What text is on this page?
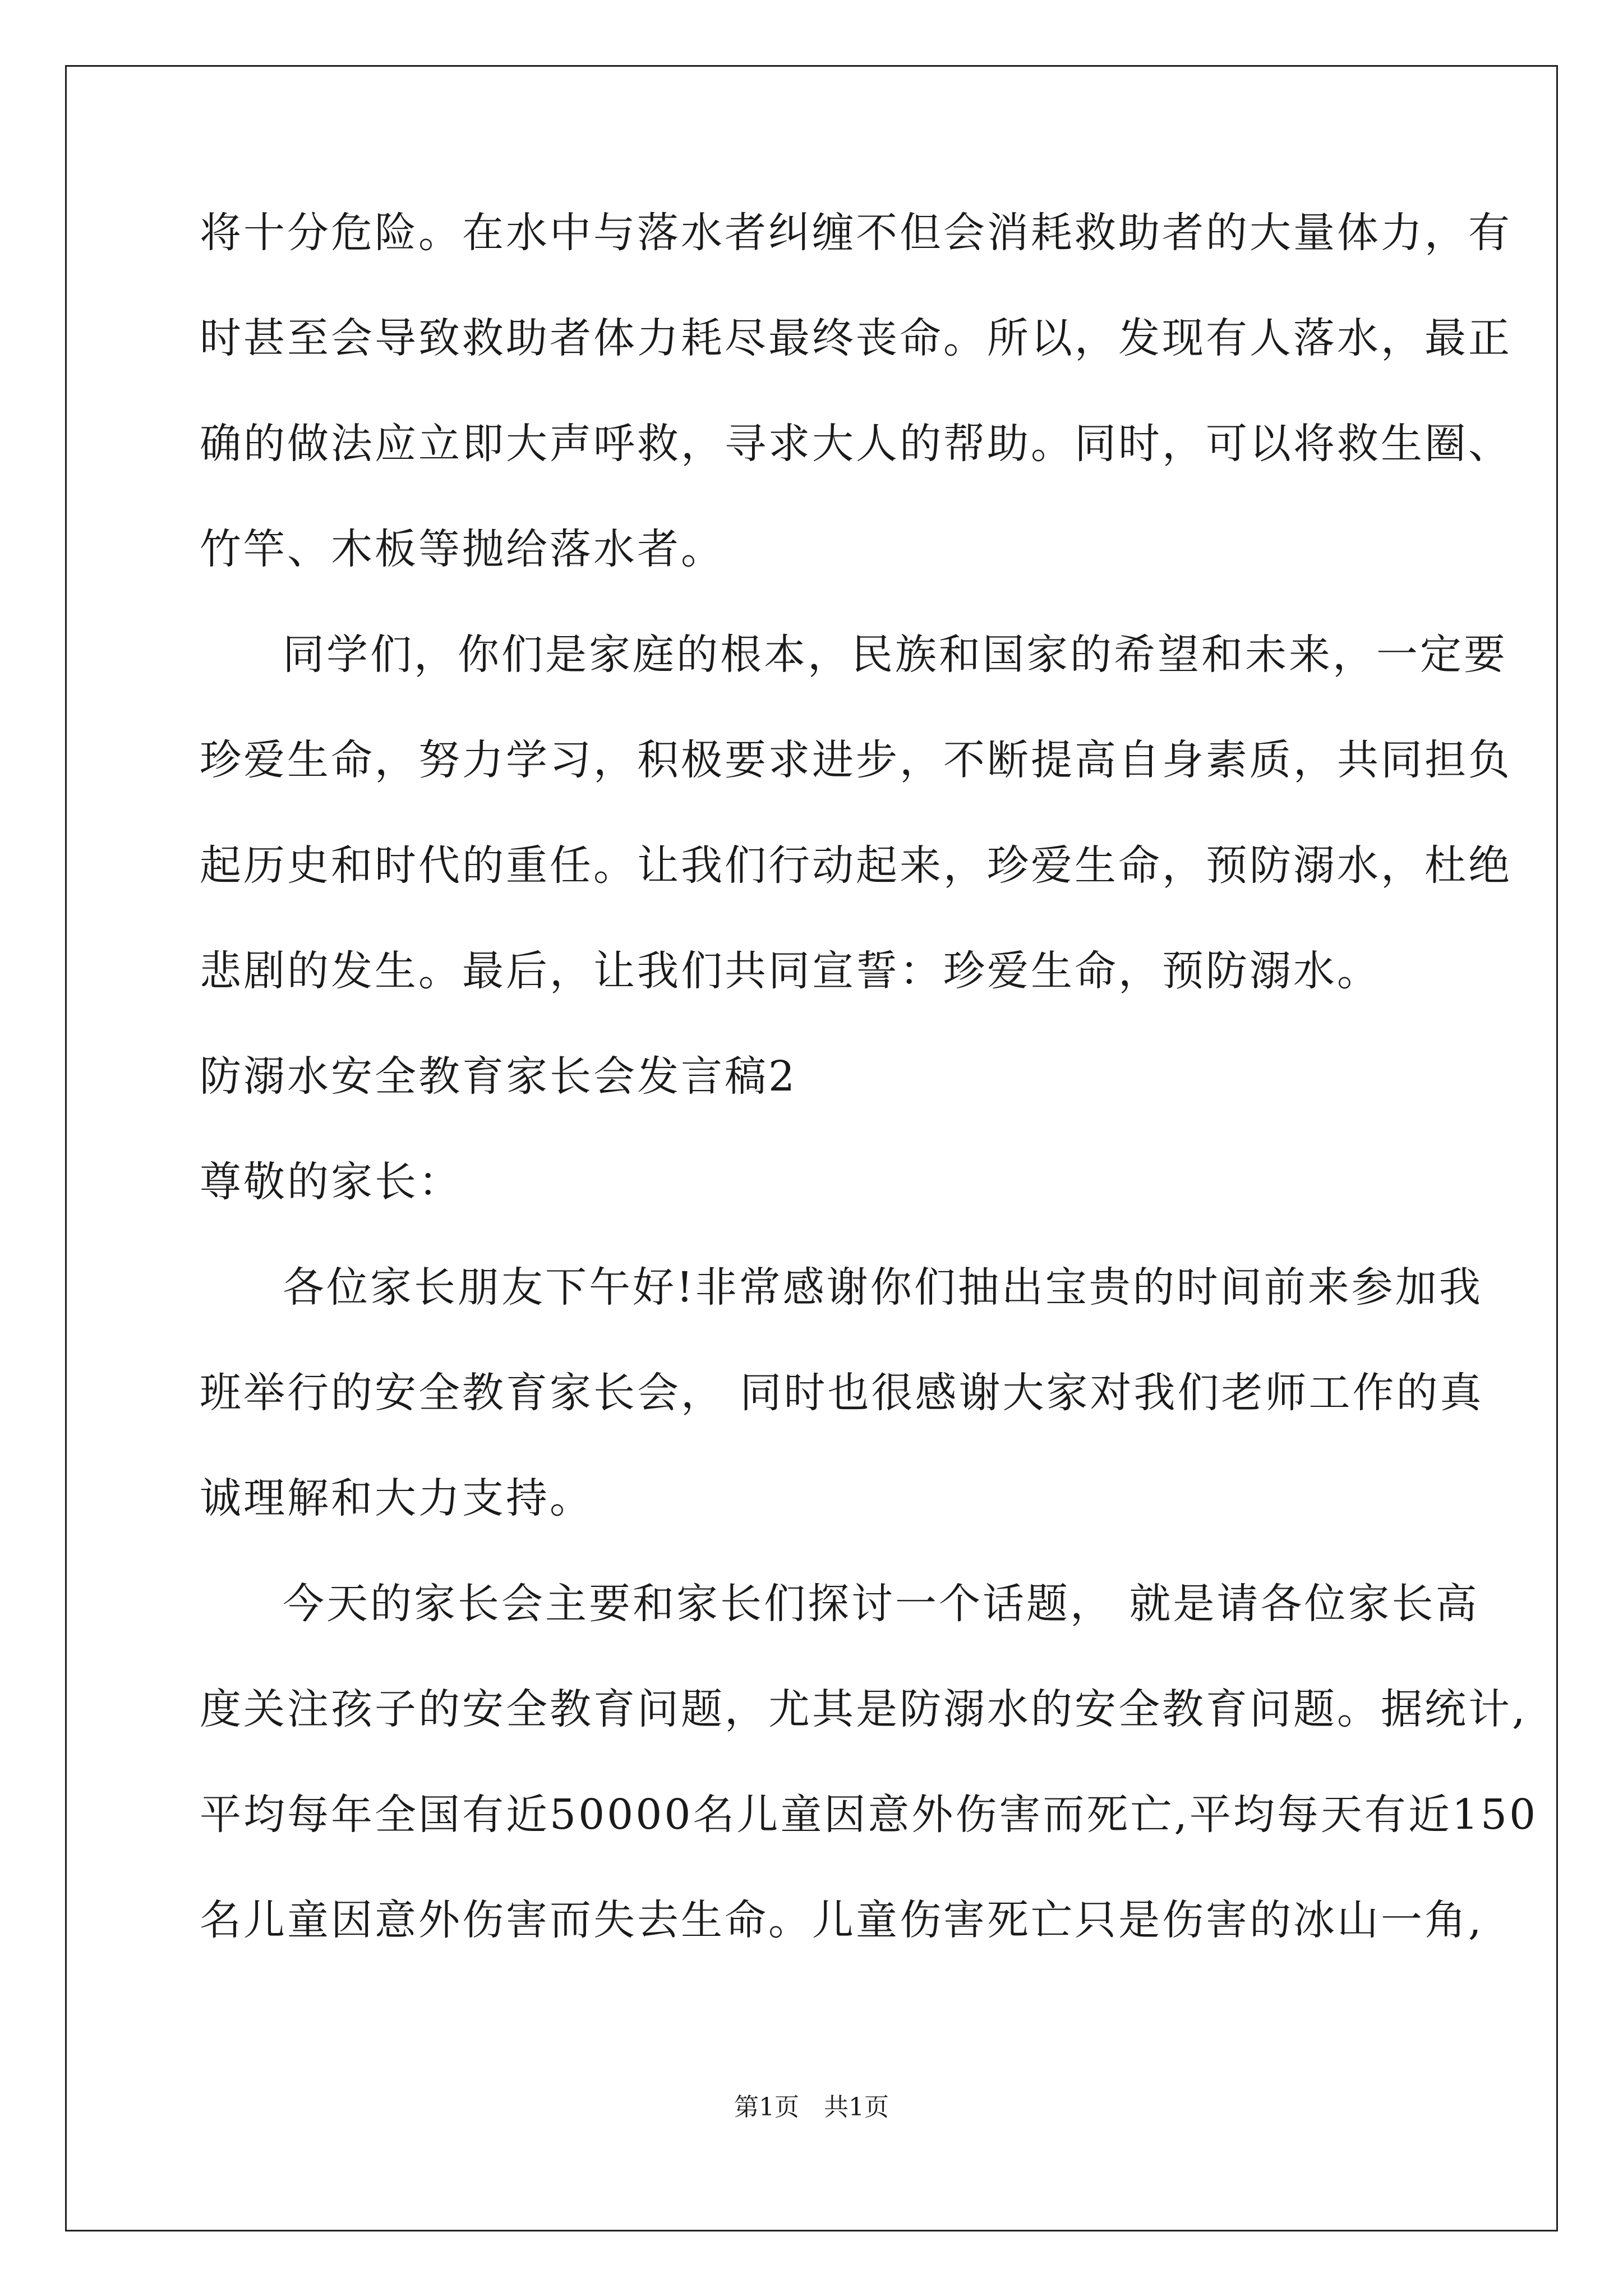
将十分危险。在水中与落水者纠缠不但会消耗救助者的大量体力，有
时甚至会导致救助者体力耗尽最终丧命。所以，发现有人落水，最正
确的做法应立即大声呼救，寻求大人的帮助。同时，可以将救生圈、
竹竿、木板等抛给落水者。
同学们，你们是家庭的根本，民族和国家的希望和未来，一定要
珍爱生命，努力学习，积极要求进步，不断提高自身素质，共同担负
起历史和时代的重任。让我们行动起来，珍爱生命，预防溺水，杜绝
悲剧的发生。最后，让我们共同宣誓：珍爱生命，预防溺水。
防溺水安全教育家长会发言稿2
尊敬的家长：
各位家长朋友下午好!非常感谢你们抽出宝贵的时间前来参加我
班举行的安全教育家长会， 同时也很感谢大家对我们老师工作的真
诚理解和大力支持。
今天的家长会主要和家长们探讨一个话题， 就是请各位家长高
度关注孩子的安全教育问题，尤其是防溺水的安全教育问题。据统计,
平均每年全国有近50000名儿童因意外伤害而死亡,平均每天有近150
名儿童因意外伤害而失去生命。儿童伤害死亡只是伤害的冰山一角,
第1页　共1页
